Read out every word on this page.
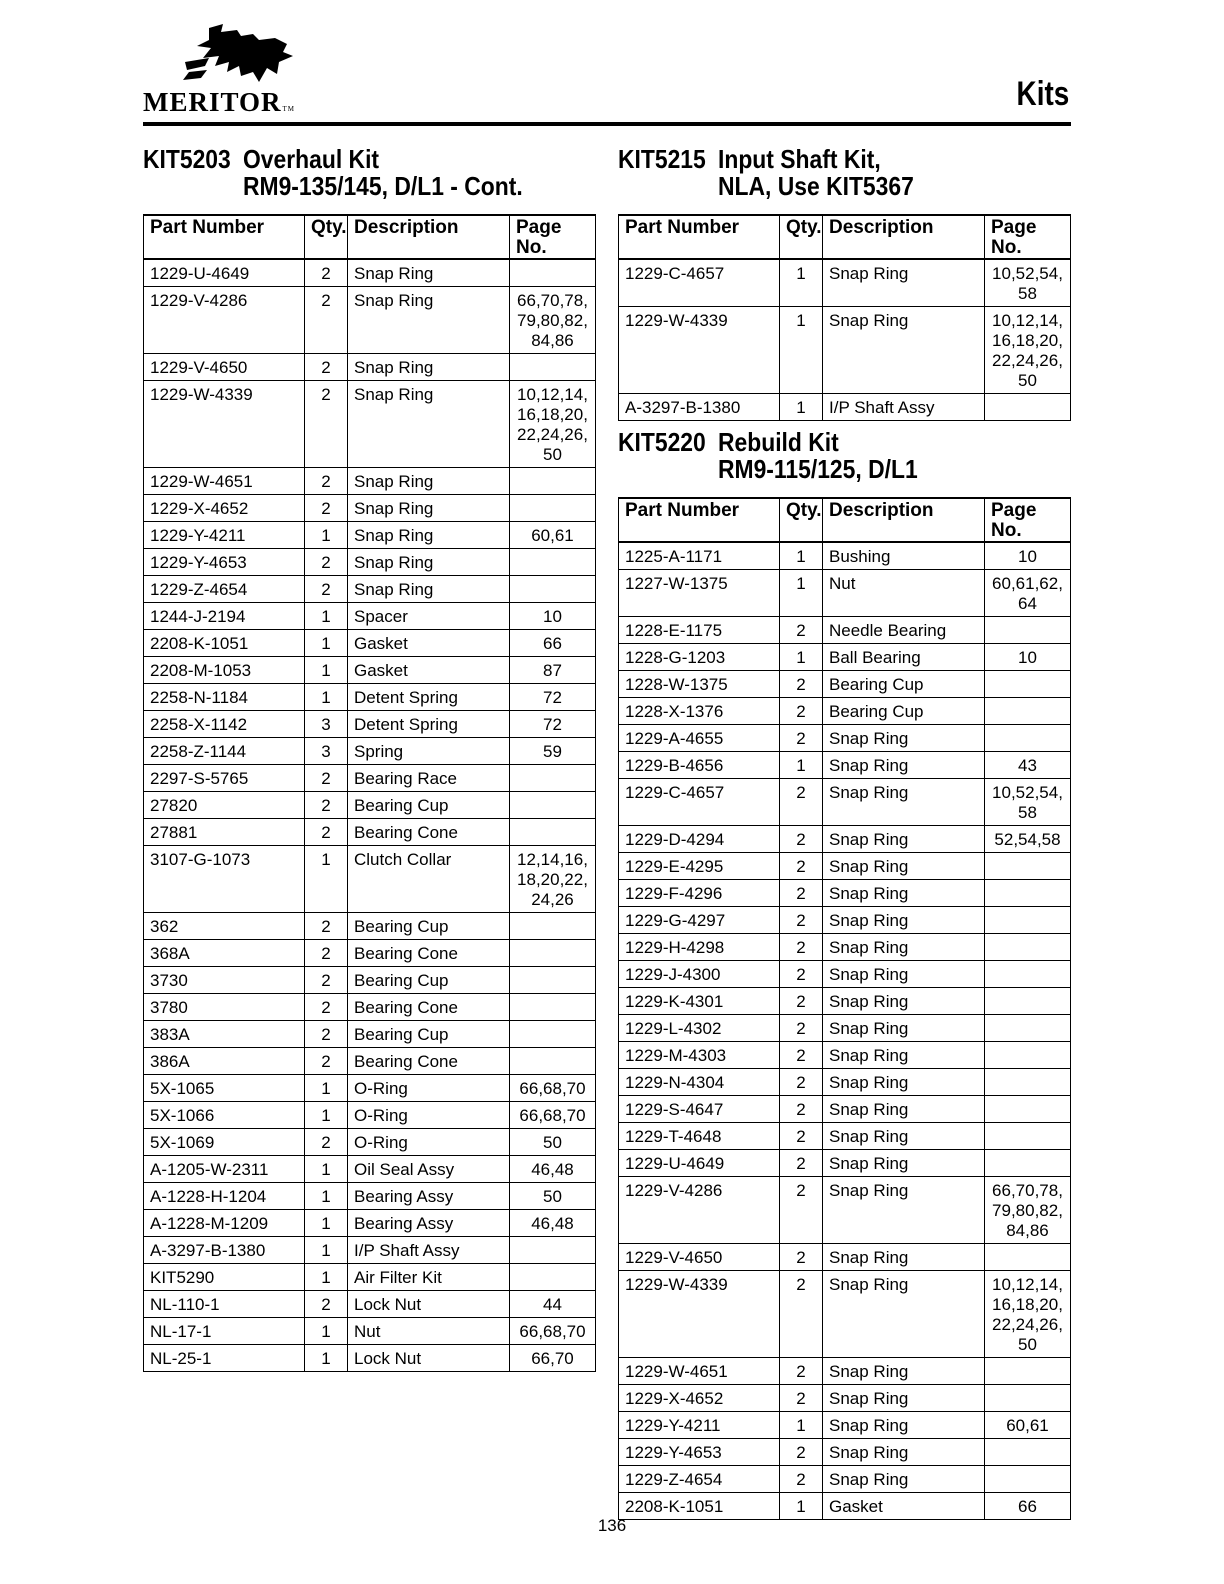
MERITORTM	Kits
KIT5203 Overhaul Kit
RM9-135/145, D/L1 - Cont.
Part Number	Qty.	Description	Page No.
1229-U-4649	2	Snap Ring	
1229-V-4286	2	Snap Ring	66,70,78,
79,80,82,
84,86
1229-V-4650	2	Snap Ring	
1229-W-4339	2	Snap Ring	10,12,14,
16,18,20,
22,24,26,
50
1229-W-4651	2	Snap Ring	
1229-X-4652	2	Snap Ring	
1229-Y-4211	1	Snap Ring	60,61
1229-Y-4653	2	Snap Ring	
1229-Z-4654	2	Snap Ring	
1244-J-2194	1	Spacer	10
2208-K-1051	1	Gasket	66
2208-M-1053	1	Gasket	87
2258-N-1184	1	Detent Spring	72
2258-X-1142	3	Detent Spring	72
2258-Z-1144	3	Spring	59
2297-S-5765	2	Bearing Race	
27820	2	Bearing Cup	
27881	2	Bearing Cone	
3107-G-1073	1	Clutch Collar	12,14,16,
18,20,22,
24,26
362	2	Bearing Cup	
368A	2	Bearing Cone	
3730	2	Bearing Cup	
3780	2	Bearing Cone	
383A	2	Bearing Cup	
386A	2	Bearing Cone	
5X-1065	1	O-Ring	66,68,70
5X-1066	1	O-Ring	66,68,70
5X-1069	2	O-Ring	50
A-1205-W-2311	1	Oil Seal Assy	46,48
A-1228-H-1204	1	Bearing Assy	50
A-1228-M-1209	1	Bearing Assy	46,48
A-3297-B-1380	1	I/P Shaft Assy	
KIT5290	1	Air Filter Kit	
NL-110-1	2	Lock Nut	44
NL-17-1	1	Nut	66,68,70
NL-25-1	1	Lock Nut	66,70
KIT5215 Input Shaft Kit,
NLA, Use KIT5367
Part Number	Qty.	Description	Page No.
1229-C-4657	1	Snap Ring	10,52,54,
58
1229-W-4339	1	Snap Ring	10,12,14,
16,18,20,
22,24,26,
50
A-3297-B-1380	1	I/P Shaft Assy	
KIT5220 Rebuild Kit
RM9-115/125, D/L1
Part Number	Qty.	Description	Page No.
1225-A-1171	1	Bushing	10
1227-W-1375	1	Nut	60,61,62,
64
1228-E-1175	2	Needle Bearing	
1228-G-1203	1	Ball Bearing	10
1228-W-1375	2	Bearing Cup	
1228-X-1376	2	Bearing Cup	
1229-A-4655	2	Snap Ring	
1229-B-4656	1	Snap Ring	43
1229-C-4657	2	Snap Ring	10,52,54,
58
1229-D-4294	2	Snap Ring	52,54,58
1229-E-4295	2	Snap Ring	
1229-F-4296	2	Snap Ring	
1229-G-4297	2	Snap Ring	
1229-H-4298	2	Snap Ring	
1229-J-4300	2	Snap Ring	
1229-K-4301	2	Snap Ring	
1229-L-4302	2	Snap Ring	
1229-M-4303	2	Snap Ring	
1229-N-4304	2	Snap Ring	
1229-S-4647	2	Snap Ring	
1229-T-4648	2	Snap Ring	
1229-U-4649	2	Snap Ring	
1229-V-4286	2	Snap Ring	66,70,78,
79,80,82,
84,86
1229-V-4650	2	Snap Ring	
1229-W-4339	2	Snap Ring	10,12,14,
16,18,20,
22,24,26,
50
1229-W-4651	2	Snap Ring	
1229-X-4652	2	Snap Ring	
1229-Y-4211	1	Snap Ring	60,61
1229-Y-4653	2	Snap Ring	
1229-Z-4654	2	Snap Ring	
2208-K-1051	1	Gasket	66
136
